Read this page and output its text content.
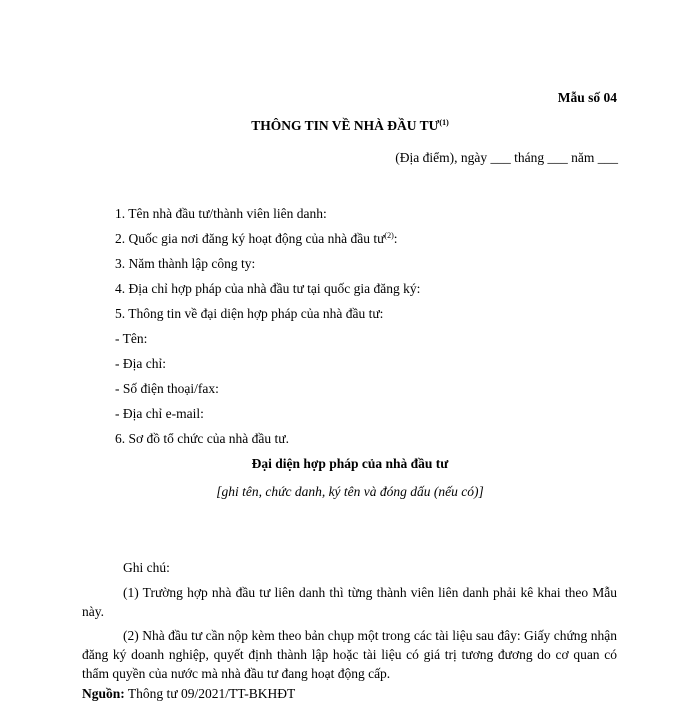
Mẫu số 04
THÔNG TIN VỀ NHÀ ĐẦU TƯ$^{(1)}$
(Địa điểm), ngày ___ tháng ___ năm ___
1. Tên nhà đầu tư/thành viên liên danh:
2. Quốc gia nơi đăng ký hoạt động của nhà đầu $tư^{(2)}$:
3. Năm thành lập công ty:
4. Địa chỉ hợp pháp của nhà đầu tư tại quốc gia đăng ký:
5. Thông tin về đại diện hợp pháp của nhà đầu tư:
- Tên:
- Địa chỉ:
- Số điện thoại/fax:
- Địa chỉ e-mail:
6. Sơ đồ tổ chức của nhà đầu tư.
Đại diện hợp pháp của nhà đầu tư
[ghi tên, chức danh, ký tên và đóng dấu (nếu có)]
Ghi chú:
(1) Trường hợp nhà đầu tư liên danh thì từng thành viên liên danh phải kê khai theo Mẫu này.
(2) Nhà đầu tư cần nộp kèm theo bản chụp một trong các tài liệu sau đây: Giấy chứng nhận đăng ký doanh nghiệp, quyết định thành lập hoặc tài liệu có giá trị tương đương do cơ quan có thẩm quyền của nước mà nhà đầu tư đang hoạt động cấp.
Nguồn: Thông tư 09/2021/TT-BKHĐT
